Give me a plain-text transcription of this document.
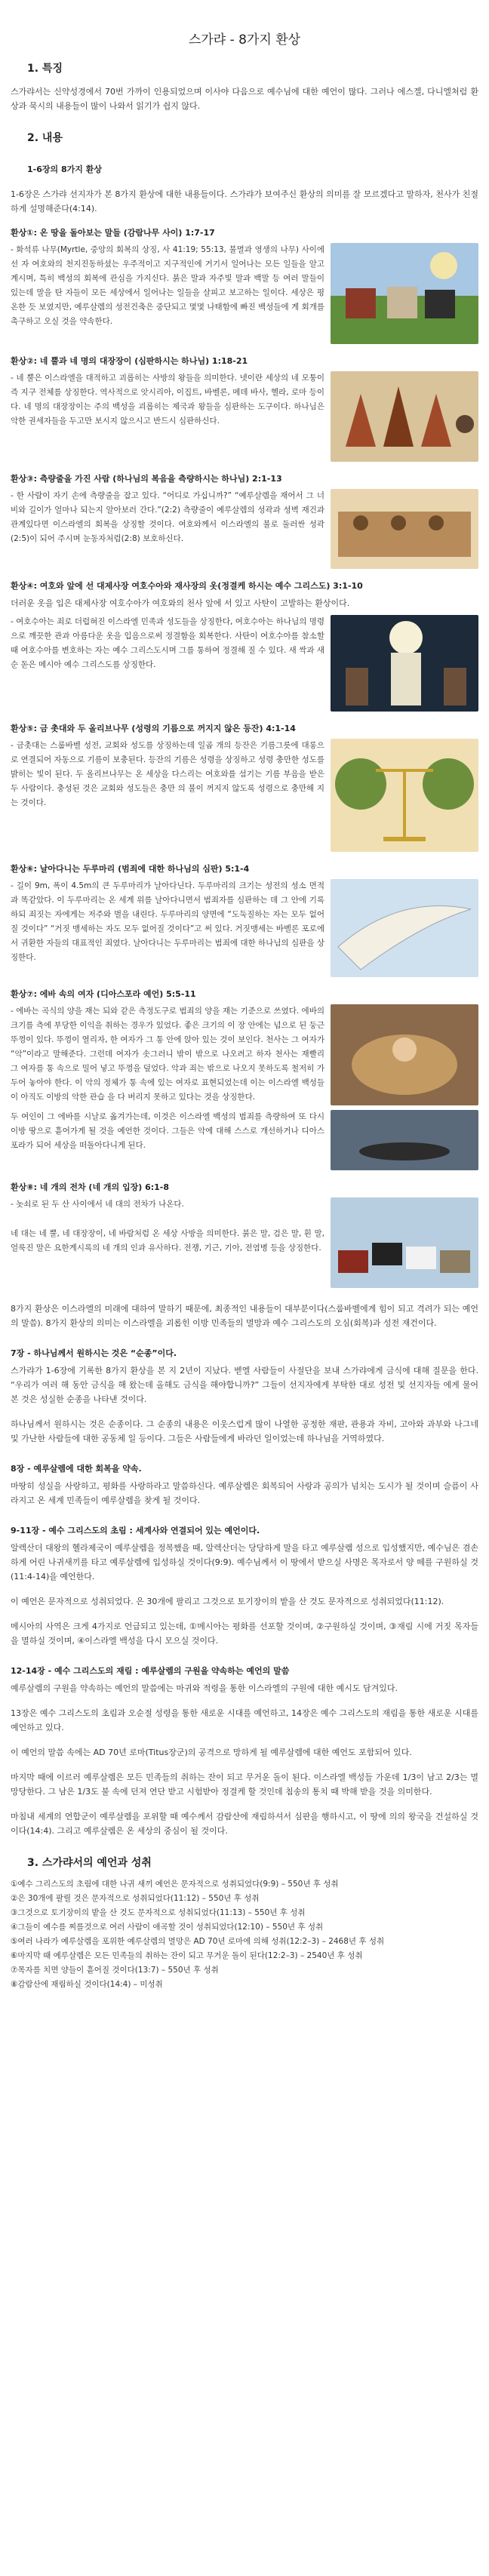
스가랴 - 8가지 환상
1. 특징

스가랴서는 신약성경에서 70번 가까이 인용되었으며 이사야 다음으로 예수님에 대한 예언이 많다. 그러나 에스겔, 다니엘처럼 환상과 묵시의 내용들이 많이 나와서 읽기가 쉽지 않다.

2. 내용
1-6장의 8가지 환상

1-6장은 스가랴 선지자가 본 8가지 환상에 대한 내용들이다. 스가랴가 보여주신 환상의 의미를 잘 모르겠다고 말하자, 천사가 친절하게 설명해준다(4:14).

환상①: 온 땅을 돌아보는 말들 (감람나무 사이) 1:7-17
- 화석류 나무(Myrtle, 중앙의 회복의 상징, 사 41:19; 55:13, 불멸과 영생의 나무) 사이에 선 자 여호와의 천지진동하셨는 우주적이고 지구적인에 거기서 일어나는 모든 일들을 알고 계시며, 특히 백성의 회복에 관심을 가지신다. 붉은 말과 자주빛 말과 백말 등 여러 말들이 있는데 말을 탄 자들이 모든 세상에서 일어나는 일들을 살피고 보고하는 일이다. 세상은 평온한 듯 보였지만, 예루살렘의 성전건축은 중단되고 몇몇 나태함에 빠진 백성들에 게 회개를 촉구하고 오실 것을 약속한다.
환상②: 네 뿔과 네 명의 대장장이 (심판하시는 하나님) 1:18-21
- 네 뿔은 이스라엘을 대적하고 괴롭히는 사방의 왕들을 의미한다. 넷이란 세상의 네 모퉁이 즉 지구 전체를 상징한다. 역사적으로 앗시리아, 이집트, 바벨론, 메데 바사, 헬라, 로마 등이다. 네 명의 대장장이는 주의 백성을 괴롭히는 제국과 왕들을 심판하는 도구이다. 하나님은 악한 권세자들을 두고만 보시지 않으시고 반드시 심판하신다.
환상③: 측량줄을 가진 사람 (하나님의 복음을 측량하시는 하나님) 2:1-13
- 한 사람이 자기 손에 측량줄을 잡고 있다. “어디로 가십니까?” “예루살렘을 재어서 그 너비와 길이가 얼마나 되는지 알아보러 간다.”(2:2) 측량줄이 예루살렘의 성곽과 성벽 재건과 관계있다면 이스라엘의 회복을 상징할 것이다. 여호와께서 이스라엘의 불로 둘러싼 성곽(2:5)이 되어 주시며 눈동자처럼(2:8) 보호하신다.
환상④: 여호와 앞에 선 대제사장 여호수아와 재사장의 옷(정결케 하시는 예수 그리스도) 3:1-10

더러운 옷을 입은 대제사장 여호수아가 여호와의 천사 앞에 서 있고 사탄이 고발하는 환상이다.

- 여호수아는 죄로 더럽혀진 이스라엘 민족과 성도들을 상징한다, 여호수아는 하나님의 명령으로 깨끗한 관과 아름다운 옷을 입음으로써 정결함을 회복한다. 사탄이 여호수아를 참소할 때 여호수아를 변호하는 자는 예수 그리스도시며 그를 통하여 정결해 질 수 있다. 새 싹과 새순 돋은 메시아 예수 그리스도를 상징한다.
환상⑤: 금 촛대와 두 올리브나무 (성령의 기름으로 꺼지지 않은 등잔) 4:1-14
- 금촛대는 스룹바벨 성전, 교회와 성도를 상징하는데 일곱 개의 등잔은 기름그릇에 대롱으로 연결되어 자동으로 기름이 보충된다. 등잔의 기름은 성령을 상징하고 성령 충만한 성도를 밝히는 빛이 된다. 두 올리브나무는 온 세상을 다스리는 여호와를 섬기는 기름 부음을 받은 두 사람이다. 충성된 것은 교회와 성도들은 충만 의 불이 꺼지지 않도록 성령으로 충만해 지는 것이다.
환상⑥: 날아다니는 두루마리 (범죄에 대한 하나님의 심판) 5:1-4
- 길이 9m, 폭이 4.5m의 큰 두루마리가 날아다닌다. 두루마리의 크기는 성전의 성소 면적과 똑같았다. 이 두루마리는 온 세계 위를 날아다니면서 범죄자를 심판하는 데 그 안에 기록하되 죄짓는 자에게는 저주와 벌을 내린다. 두루마리의 양면에 “도둑질하는 자는 모두 없어질 것이다” “거짓 맹세하는 자도 모두 없어질 것이다”고 써 있다. 거짓맹세는 바벨론 포로에서 귀환한 자들의 대표적인 죄였다. 날아다니는 두루마리는 범죄에 대한 하나님의 심판을 상징한다.
환상⑦: 에바 속의 여자 (디아스포라 예언) 5:5-11
- 에바는 곡식의 양을 재는 되와 같은 측정도구로 범죄의 양을 재는 기준으로 쓰였다. 에바의 크기를 측에 부당한 이익을 취하는 경우가 있었다. 좋은 크기의 이 장 안에는 넘으로 된 둥근 뚜껑이 있다. 뚜껑이 열리자, 한 여자가 그 통 안에 앉아 있는 것이 보인다. 천사는 그 여자가 “악”이라고 말해준다. 그런데 여자가 솟그러니 밖이 밖으로 나오려고 하자 천사는 재빨리 그 여자를 통 속으로 밀어 넣고 뚜껑을 덮었다. 악과 죄는 밖으로 나오지 못하도록 철저히 가두어 놓아야 한다. 이 악의 정체가 통 속에 있는 여자로 표현되었는데 이는 이스라엘 백성들이 아직도 이방의 악한 관습 을 다 버리지 못하고 있다는 것을 상징한다.
두 여인이 그 에바를 시날로 옮겨가는데, 이것은 이스라엘 백성의 범죄를 측량하여 또 다시 이방 땅으로 흩어가게 될 것을 예언한 것이다. 그들은 악에 대해 스스로 개선하거나 디아스포라가 되어 세상을 떠돌아다니게 된다.
환상⑧: 네 개의 전차 (네 개의 입장) 6:1-8
- 놋쇠로 된 두 산 사이에서 네 대의 전차가 나온다.
네 대는 네 뿔, 네 대장장이, 네 바람처럼 온 세상 사방을 의미한다. 붉은 말, 검은 말, 흰 말, 얼룩진 말은 요한계시록의 네 개의 인과 유사하다. 전쟁, 기근, 기아, 전염병 등을 상징한다.

8가지 환상은 이스라엘의 미래에 대하여 말하기 때문에, 최종적인 내용들이 대부분이다(스룹바벨에게 힘이 되고 격려가 되는 예언의 말씀). 8가지 환상의 의미는 이스라엘을 괴롭힌 이방 민족들의 멸망과 예수 그리스도의 오심(회복)과 성전 재건이다.

7장 - 하나님께서 원하시는 것은 “순종”이다.

스가랴가 1-6장에 기록한 8가지 환상을 본 지 2년이 지났다. 벧엘 사람들이 사절단을 보내 스가랴에게 금식에 대해 질문을 한다. “우리가 여러 해 동안 금식을 해 왔는데 올해도 금식을 해야합니까?” 그들이 선지자에게 부탁한 대로 성전 및 선지자들 에게 물어본 것은 성실한 순종을 나타낸 것이다.

하나님께서 원하시는 것은 순종이다. 그 순종의 내용은 이웃스럽게 많이 나열한 공정한 재판, 관용과 자비, 고아와 과부와 나그네 및 가난한 사람들에 대한 공동체 일 등이다. 그들은 사람들에게 바라던 일이었는데 하나님을 거역하였다.

8장 - 예루살렘에 대한 회복을 약속.

마땅히 성실을 사랑하고, 평화를 사랑하라고 말씀하신다. 예루살렘은 회복되어 사랑과 공의가 넘치는 도시가 될 것이며 슬픔이 사라지고 온 세계 민족들이 예루살렘을 찾게 될 것이다.

9-11장 - 예수 그리스도의 초림 : 세계사와 연결되어 있는 예언이다.

알렉산더 대왕의 헬라제국이 예루살렘을 정복했을 때, 알렉산더는 당당하게 말을 타고 예루살렘 성으로 입성했지만, 예수님은 겸손하게 어린 나귀새끼를 타고 예루살렘에 입성하실 것이다(9:9). 예수님께서 이 땅에서 받으실 사명은 목자로서 양 떼를 구원하실 것(11:4-14)을 예언한다.

이 예언은 문자적으로 성취되었다. 은 30개에 팔리고 그것으로 토기장이의 밭을 산 것도 문자적으로 성취되었다(11:12).

메시아의 사역은 크게 4가지로 언급되고 있는데, ①메시아는 평화를 선포할 것이며, ②구원하실 것이며, ③재림 시에 거짓 목자들을 멸하실 것이며, ④이스라엘 백성을 다시 모으실 것이다.

12-14장 - 예수 그리스도의 재림 : 예루살렘의 구원을 약속하는 예언의 말씀

예루살렘의 구원을 약속하는 예언의 말씀에는 마귀와 적령을 통한 이스라엘의 구원에 대한 예시도 담겨있다.

13장은 예수 그리스도의 초림과 오순절 성령을 통한 새로운 시대를 예언하고, 14장은 예수 그리스도의 재림을 통한 새로운 시대를 예언하고 있다.

이 예언의 말씀 속에는 AD 70년 로마(Titus장군)의 공격으로 망하게 될 예루살렘에 대한 예언도 포함되어 있다.

마지막 때에 이르러 예루살렘은 모든 민족들의 취하는 잔이 되고 무거운 돌이 된다. 이스라엘 백성들 가운데 1/3이 남고 2/3는 멸망당한다. 그 남은 1/3도 불 속에 던져 연단 받고 시험받아 정결케 할 것인데 침송의 통치 때 박해 받을 것을 의미한다.

마침내 세계의 연합군이 예루살렘을 포위할 때 예수께서 감람산에 재림하셔서 심판을 행하시고, 이 땅에 의의 왕국을 건설하실 것이다(14:4). 그리고 예루살렘은 온 세상의 중심이 될 것이다.

3. 스가랴서의 예언과 성취
①예수 그리스도의 초림에 대한 나귀 새끼 예언은 문자적으로 성취되었다(9:9) – 550년 후 성취
②은 30개에 팔릴 것은 문자적으로 성취되었다(11:12) – 550년 후 성취
③그것으로 토기장이의 밭을 산 것도 문자적으로 성취되었다(11:13) – 550년 후 성취
④그들이 예수를 찌를것으로 여러 사람이 애곡할 것이 성취되었다(12:10) – 550년 후 성취
⑤여러 나라가 예루살렘을 포위한 예루살렘의 멸망은 AD 70년 로마에 의해 성취(12:2–3) – 2468년 후 성취
⑥마지막 때 예루살렘은 모든 민족들의 취하는 잔이 되고 무거운 돌이 된다(12:2–3) – 2540년 후 성취
⑦목자를 치면 양들이 흩어질 것이다(13:7) – 550년 후 성취
⑧감람산에 재림하실 것이다(14:4) – 미성취
